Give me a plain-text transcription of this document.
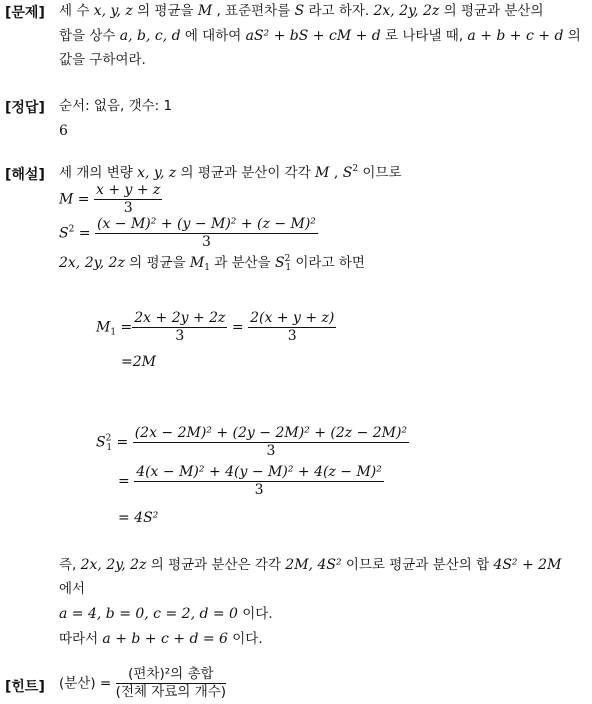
[문제] 세 수 x, y, z 의 평균을 M , 표준편차를 S 라고 하자. 2x, 2y, 2z 의 평균과 분산의
합을 상수 a, b, c, d 에 대하여 aS² + bS + cM + d 로 나타낼 때, a + b + c + d 의
값을 구하여라.
[정답] 순서: 없음, 갯수: 1
6
[해설] 세 개의 변량 x, y, z 의 평균과 분산이 각각 M , $S^2$ 이므로
$M = \frac{x + y + z}{3}$
$S^2 = \frac{\text{(x − M)² + (y − M)² + (z − M)²}}{3}$
2x, 2y, 2z 의 평균을 $M_1$ 과 분산을 $S^2_1$ 이라고 하면
$M_1 = \frac{2x + 2y + 2z}{3} = \frac{2(x + y + z)}{3}$
=2M
$S^2_1 = \frac{\text{(2x − 2M)² + (2y − 2M)² + (2z − 2M)²}}{3}$
= $\frac{\text{4(x − M)² + 4(y − M)² + 4(z − M)²}}{3}$
= 4S²
즉, 2x, 2y, 2z 의 평균과 분산은 각각 2M, 4S² 이므로 평균과 분산의 합 4S² + 2M
에서
a = 4, b = 0, c = 2, d = 0 이다.
따라서 a + b + c + d = 6 이다.
[힌트] (분산) = $\frac{\text{(편차)²의 총합}}{\text{(전체 자료의 개수)}}$
